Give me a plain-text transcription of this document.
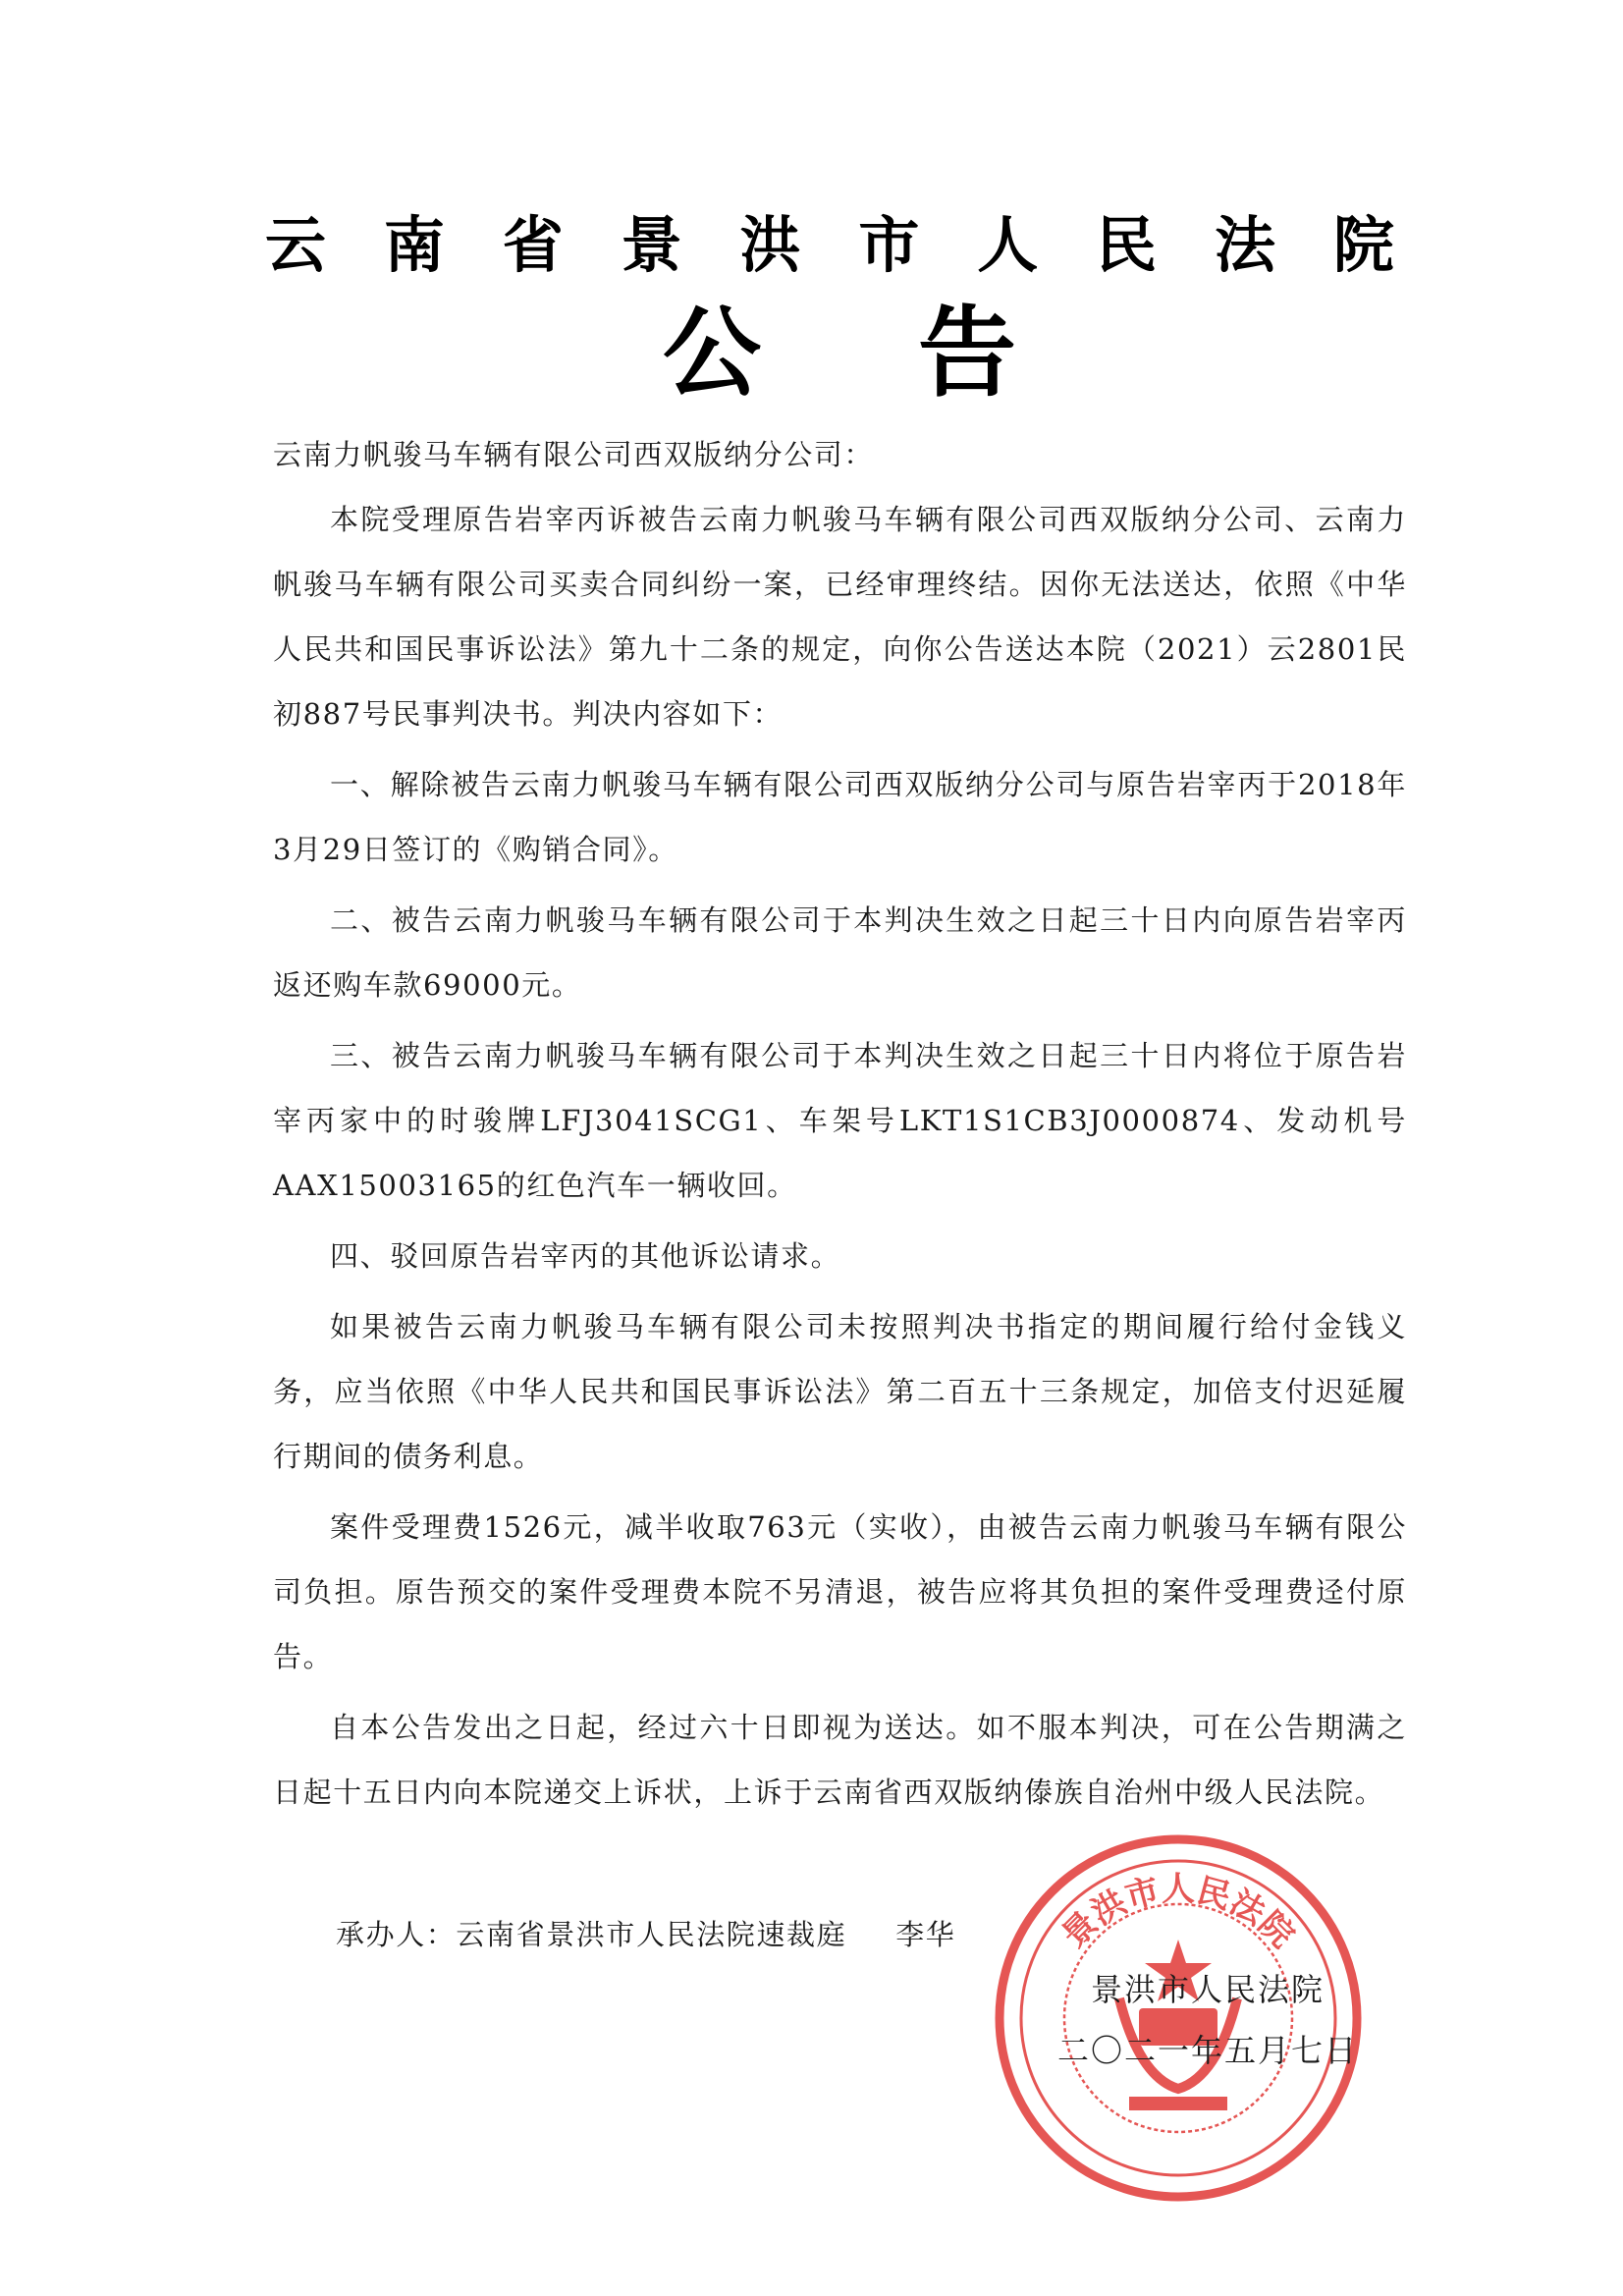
云 南 省 景 洪 市 人 民 法 院
公 告

云南力帆骏马车辆有限公司西双版纳分公司：

本院受理原告岩宰丙诉被告云南力帆骏马车辆有限公司西双版纳分公司、云南力帆骏马车辆有限公司买卖合同纠纷一案，已经审理终结。因你无法送达，依照《中华人民共和国民事诉讼法》第九十二条的规定，向你公告送达本院（2021）云2801民初887号民事判决书。判决内容如下：

一、解除被告云南力帆骏马车辆有限公司西双版纳分公司与原告岩宰丙于2018年3月29日签订的《购销合同》。

二、被告云南力帆骏马车辆有限公司于本判决生效之日起三十日内向原告岩宰丙返还购车款69000元。

三、被告云南力帆骏马车辆有限公司于本判决生效之日起三十日内将位于原告岩宰丙家中的时骏牌LFJ3041SCG1、车架号LKT1S1CB3J0000874、发动机号AAX15003165的红色汽车一辆收回。

四、驳回原告岩宰丙的其他诉讼请求。

如果被告云南力帆骏马车辆有限公司未按照判决书指定的期间履行给付金钱义务，应当依照《中华人民共和国民事诉讼法》第二百五十三条规定，加倍支付迟延履行期间的债务利息。

案件受理费1526元，减半收取763元（实收），由被告云南力帆骏马车辆有限公司负担。原告预交的案件受理费本院不另清退，被告应将其负担的案件受理费迳付原告。

自本公告发出之日起，经过六十日即视为送达。如不服本判决，可在公告期满之日起十五日内向本院递交上诉状，上诉于云南省西双版纳傣族自治州中级人民法院。

承办人：云南省景洪市人民法院速裁庭 李华	景洪市人民法院
景洪市人民法院
二〇二一年五月七日
